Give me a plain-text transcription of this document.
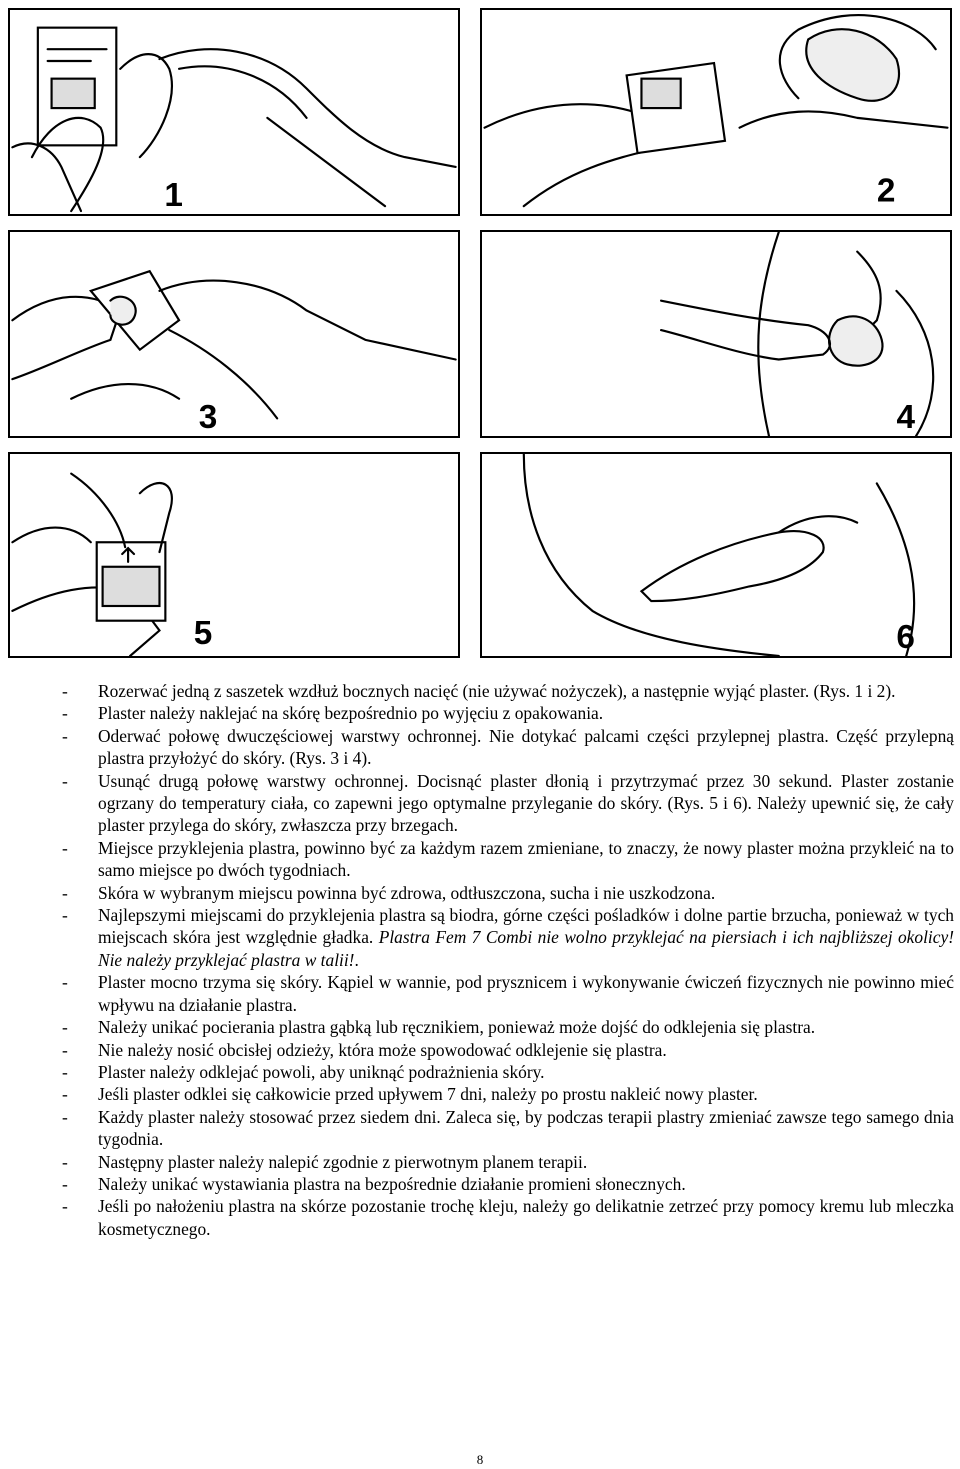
1	2
3	4
5	6
- Rozerwać jedną z saszetek wzdłuż bocznych nacięć (nie używać nożyczek), a następnie wyjąć plaster. (Rys. 1 i 2).
- Plaster należy naklejać na skórę bezpośrednio po wyjęciu z opakowania.
- Oderwać połowę dwuczęściowej warstwy ochronnej. Nie dotykać palcami części przylepnej plastra. Część przylepną plastra przyłożyć do skóry. (Rys. 3 i 4).
- Usunąć drugą połowę warstwy ochronnej. Docisnąć plaster dłonią i przytrzymać przez 30 sekund. Plaster zostanie ogrzany do temperatury ciała, co zapewni jego optymalne przyleganie do skóry. (Rys. 5 i 6). Należy upewnić się, że cały plaster przylega do skóry, zwłaszcza przy brzegach.
- Miejsce przyklejenia plastra, powinno być za każdym razem zmieniane, to znaczy, że nowy plaster można przykleić na to samo miejsce po dwóch tygodniach.
- Skóra w wybranym miejscu powinna być zdrowa, odtłuszczona, sucha i nie uszkodzona.
- Najlepszymi miejscami do przyklejenia plastra są biodra, górne części pośladków i dolne partie brzucha, ponieważ w tych miejscach skóra jest względnie gładka. Plastra Fem 7 Combi nie wolno przyklejać na piersiach i ich najbliższej okolicy! Nie należy przyklejać plastra w talii!.
- Plaster mocno trzyma się skóry. Kąpiel w wannie, pod prysznicem i wykonywanie ćwiczeń fizycznych nie powinno mieć wpływu na działanie plastra.
- Należy unikać pocierania plastra gąbką lub ręcznikiem, ponieważ może dojść do odklejenia się plastra.
- Nie należy nosić obcisłej odzieży, która może spowodować odklejenie się plastra.
- Plaster należy odklejać powoli, aby uniknąć podrażnienia skóry.
- Jeśli plaster odklei się całkowicie przed upływem 7 dni, należy po prostu nakleić nowy plaster.
- Każdy plaster należy stosować przez siedem dni. Zaleca się, by podczas terapii plastry zmieniać zawsze tego samego dnia tygodnia.
- Następny plaster należy nalepić zgodnie z pierwotnym planem terapii.
- Należy unikać wystawiania plastra na bezpośrednie działanie promieni słonecznych.
- Jeśli po nałożeniu plastra na skórze pozostanie trochę kleju, należy go delikatnie zetrzeć przy pomocy kremu lub mleczka kosmetycznego.
8
